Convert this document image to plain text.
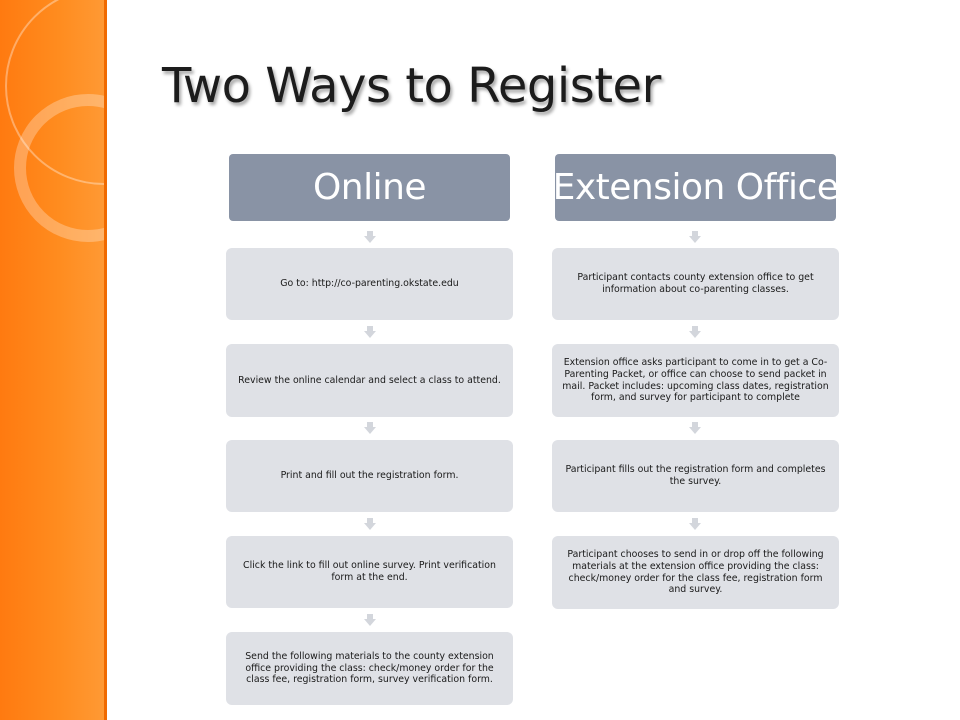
Two Ways to Register
Online
Go to: http://co-parenting.okstate.edu
Review the online calendar and select a class to attend.
Print and fill out the registration form.
Click the link to fill out online survey. Print verification form at the end.
Send the following materials to the county extension office providing the class: check/money order for the class fee, registration form, survey verification form.
Extension Office
Participant contacts county extension office to get information about co-parenting classes.
Extension office asks participant to come in to get a Co-Parenting Packet, or office can choose to send packet in mail. Packet includes: upcoming class dates, registration form, and survey for participant to complete
Participant fills out the registration form and completes the survey.
Participant chooses to send in or drop off the following materials at the extension office providing the class: check/money order for the class fee, registration form and survey.
